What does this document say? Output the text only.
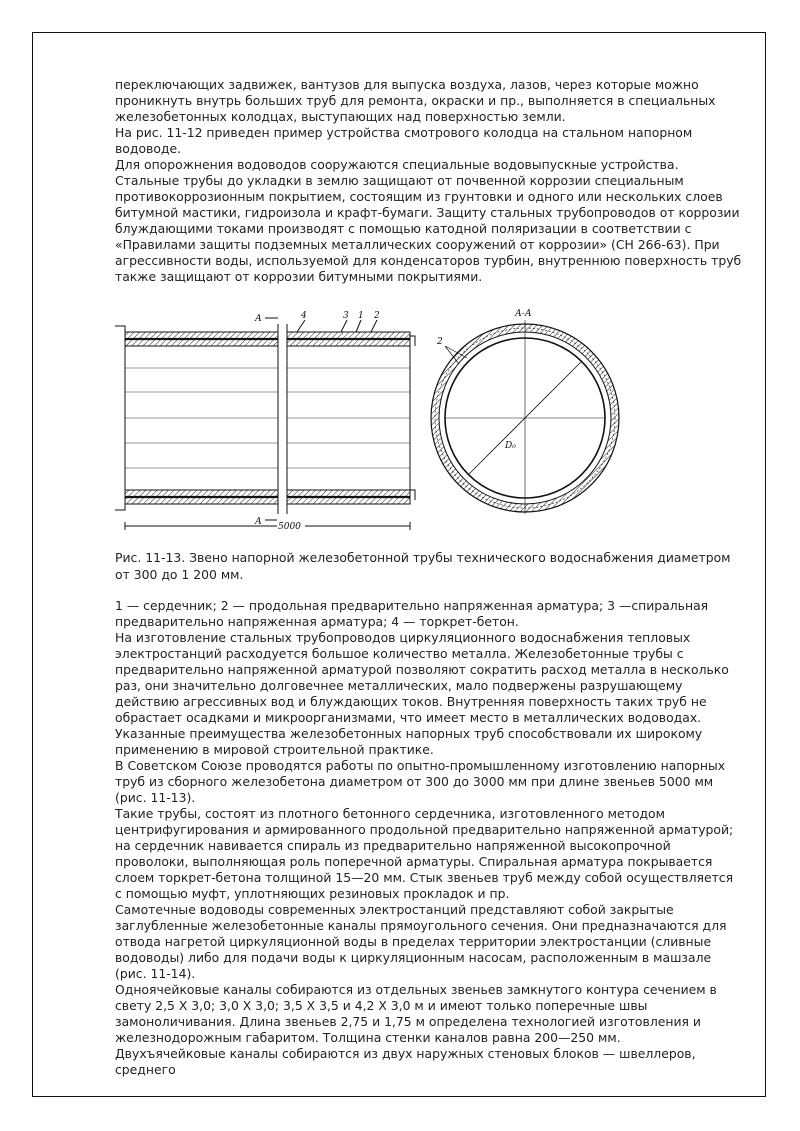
переключающих задвижек, вантузов для выпуска воздуха, лазов, через которые можно проникнуть внутрь больших труб для ремонта, окраски и пр., выполняется в специальных железобетонных колодцах, выступающих над поверхностью земли.

На рис. 11-12 приведен пример устройства смотрового колодца на стальном напорном водоводе.

Для опорожнения водоводов сооружаются специальные водовыпускные устройства.

Стальные трубы до укладки в землю защищают от почвенной коррозии специальным противокоррозионным покрытием, состоящим из грунтовки и одного или нескольких слоев битумной мастики, гидроизола и крафт-бумаги. Защиту стальных трубопроводов от коррозии блуждающими токами производят с помощью катодной поляризации в соответствии с «Правилами защиты подземных металлических сооружений от коррозии» (СН 266-63). При агрессивности воды, используемой для конденсаторов турбин, внутреннюю поверхность труб также защищают от коррозии битумными покрытиями.

А
А
4	3 1 2
5000
А-А
2
D₀
Рис. 11-13. Звено напорной железобетонной трубы технического водоснабжения диаметром от 300 до 1 200 мм.

1 — сердечник; 2 — продольная предварительно напряженная арматура; 3 —спиральная предварительно напряженная арматура; 4 — торкрет-бетон.

На изготовление стальных трубопроводов циркуляционного водоснабжения тепловых электростанций расходуется большое количество металла. Железобетонные трубы с предварительно напряженной арматурой позволяют сократить расход металла в несколько раз, они значительно долговечнее металлических, мало подвержены разрушающему действию агрессивных вод и блуждающих токов. Внутренняя поверхность таких труб не обрастает осадками и микроорганизмами, что имеет место в металлических водоводах.

Указанные преимущества железобетонных напорных труб способствовали их широкому применению в мировой строительной практике.

В Советском Союзе проводятся работы по опытно-промышленному изготовлению напорных труб из сборного железобетона диаметром от 300 до 3000 мм при длине звеньев 5000 мм (рис. 11-13).

Такие трубы, состоят из плотного бетонного сердечника, изготовленного методом центрифугирования и армированного продольной предварительно напряженной арматурой;

на сердечник навивается спираль из предварительно напряженной высокопрочной проволоки, выполняющая роль поперечной арматуры. Спиральная арматура покрывается слоем торкрет-бетона толщиной 15—20 мм. Стык звеньев труб между собой осуществляется с помощью муфт, уплотняющих резиновых прокладок и пр.

Самотечные водоводы современных электростанций представляют собой закрытые заглубленные железобетонные каналы прямоугольного сечения. Они предназначаются для отвода нагретой циркуляционной воды в пределах территории электростанции (сливные водоводы) либо для подачи воды к циркуляционным насосам, расположенным в машзале (рис. 11-14).

Одноячейковые каналы собираются из отдельных звеньев замкнутого контура сечением в свету 2,5 X 3,0; 3,0 X 3,0; 3,5 X 3,5 и 4,2 X 3,0 м и имеют только поперечные швы замоноличивания. Длина звеньев 2,75 и 1,75 м определена технологией изготовления и железнодорожным габаритом. Толщина стенки каналов равна 200—250 мм.

Двухъячейковые каналы собираются из двух наружных стеновых блоков — швеллеров, среднего
